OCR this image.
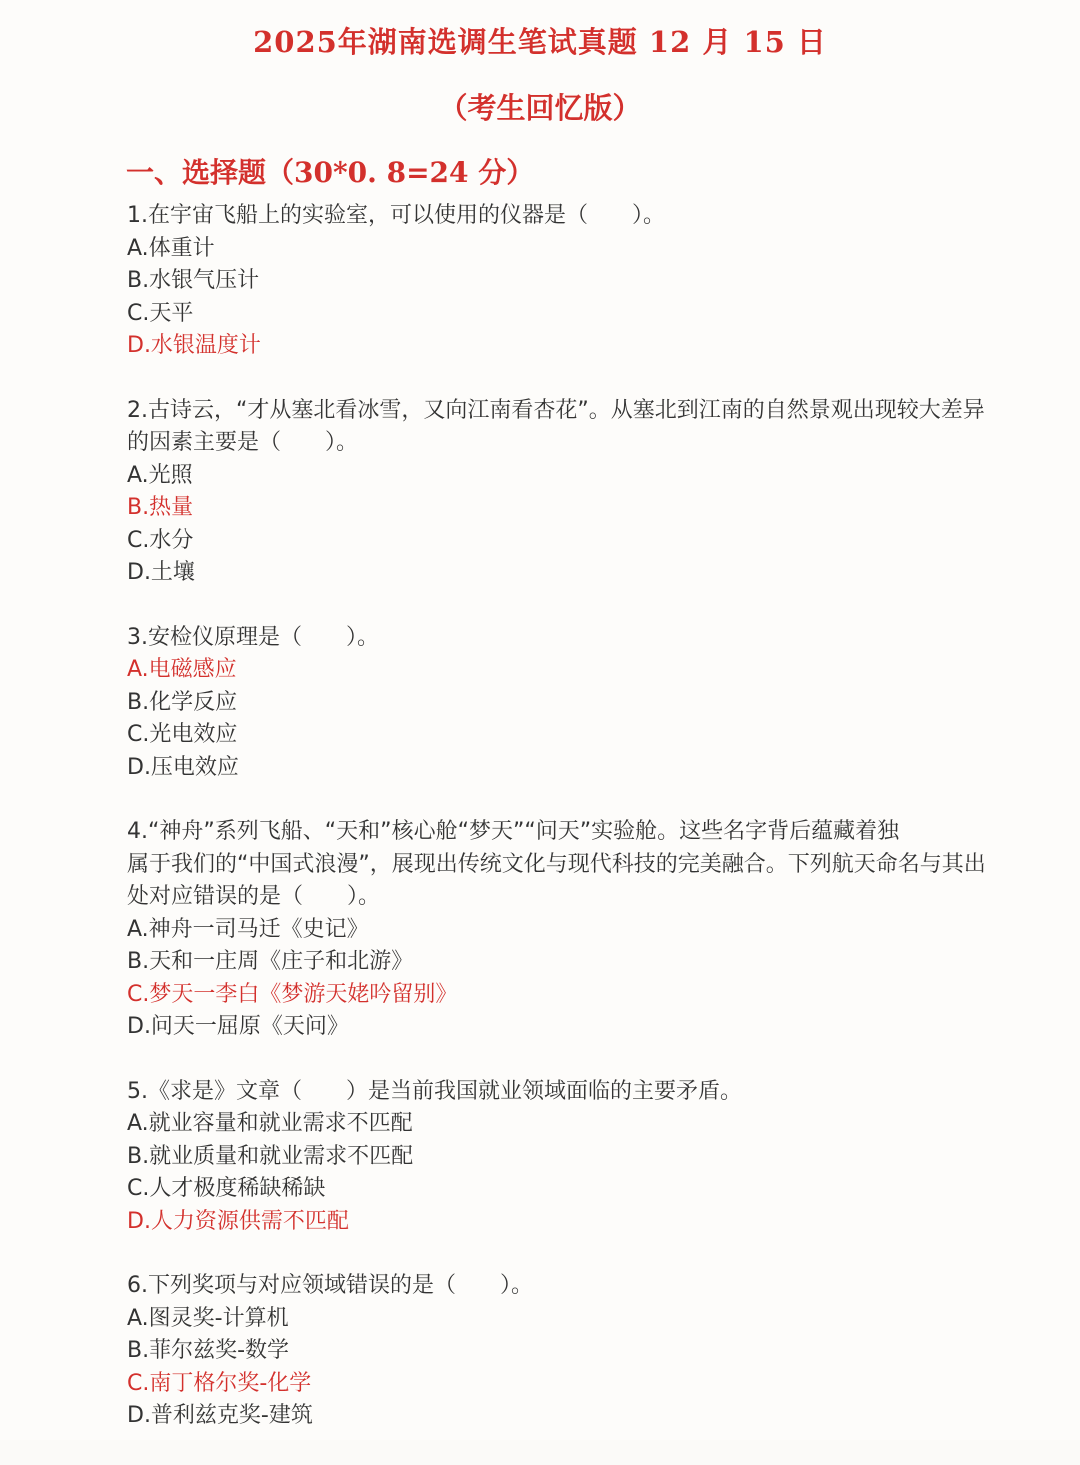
2025年湖南选调生笔试真题 12 月 15 日
（考生回忆版）
一、选择题（30*0. 8=24 分）
1.在宇宙飞船上的实验室，可以使用的仪器是（　　）。
A.体重计
B.水银气压计
C.天平
D.水银温度计
2.古诗云，“才从塞北看冰雪，又向江南看杏花”。从塞北到江南的自然景观出现较大差异
的因素主要是（　　）。
A.光照
B.热量
C.水分
D.土壤
3.安检仪原理是（　　）。
A.电磁感应
B.化学反应
C.光电效应
D.压电效应
4.“神舟”系列飞船、“天和”核心舱“梦天”“问天”实验舱。这些名字背后蕴藏着独
属于我们的“中国式浪漫”，展现出传统文化与现代科技的完美融合。下列航天命名与其出
处对应错误的是（　　）。
A.神舟一司马迁《史记》
B.天和一庄周《庄子和北游》
C.梦天一李白《梦游天姥吟留别》
D.问天一屈原《天问》
5.《求是》文章（　　）是当前我国就业领域面临的主要矛盾。
A.就业容量和就业需求不匹配
B.就业质量和就业需求不匹配
C.人才极度稀缺稀缺
D.人力资源供需不匹配
6.下列奖项与对应领域错误的是（　　）。
A.图灵奖-计算机
B.菲尔兹奖-数学
C.南丁格尔奖-化学
D.普利兹克奖-建筑
